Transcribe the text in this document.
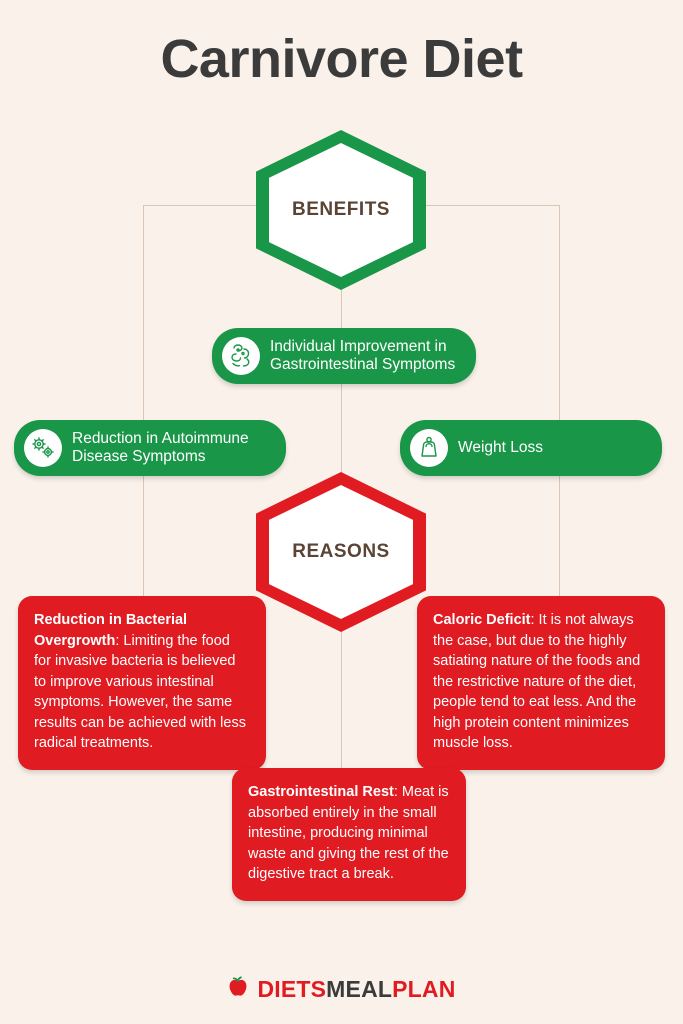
Carnivore Diet
BENEFITS
Individual Improvement in Gastrointestinal Symptoms
Reduction in Autoimmune Disease Symptoms
Weight Loss
REASONS
Reduction in Bacterial Overgrowth: Limiting the food for invasive bacteria is believed to improve various intestinal symptoms. However, the same results can be achieved with less radical treatments.
Caloric Deficit: It is not always the case, but due to the highly satiating nature of the foods and the restrictive nature of the diet, people tend to eat less. And the high protein content minimizes muscle loss.
Gastrointestinal Rest: Meat is absorbed entirely in the small intestine, producing minimal waste and giving the rest of the digestive tract a break.
DIETSMEALPLAN
